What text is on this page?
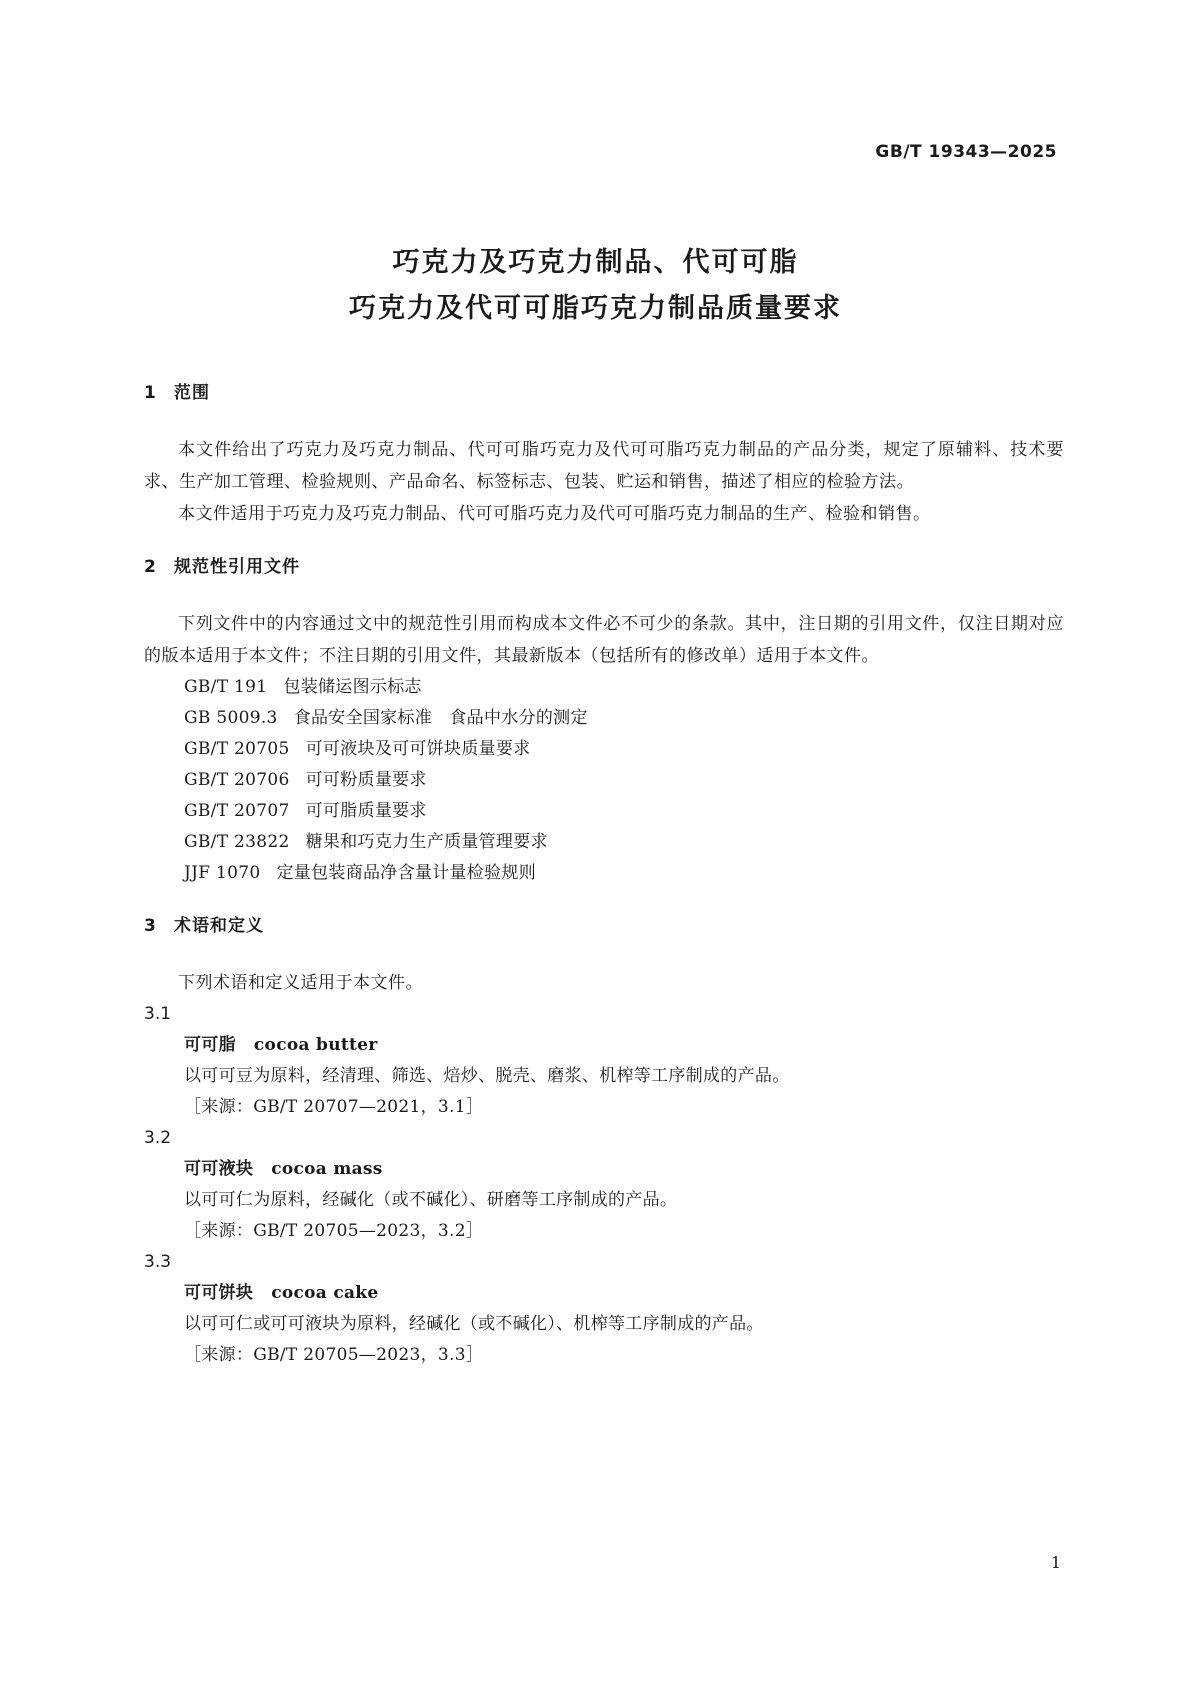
GB/T 19343—2025
巧克力及巧克力制品、代可可脂
巧克力及代可可脂巧克力制品质量要求
1 范围

本文件给出了巧克力及巧克力制品、代可可脂巧克力及代可可脂巧克力制品的产品分类，规定了原辅料、技术要求、生产加工管理、检验规则、产品命名、标签标志、包装、贮运和销售，描述了相应的检验方法。

本文件适用于巧克力及巧克力制品、代可可脂巧克力及代可可脂巧克力制品的生产、检验和销售。

2 规范性引用文件

下列文件中的内容通过文中的规范性引用而构成本文件必不可少的条款。其中，注日期的引用文件，仅注日期对应的版本适用于本文件；不注日期的引用文件，其最新版本（包括所有的修改单）适用于本文件。

GB/T 191 包装储运图示标志
GB 5009.3 食品安全国家标准　食品中水分的测定
GB/T 20705 可可液块及可可饼块质量要求
GB/T 20706 可可粉质量要求
GB/T 20707 可可脂质量要求
GB/T 23822 糖果和巧克力生产质量管理要求
JJF 1070 定量包装商品净含量计量检验规则
3 术语和定义

下列术语和定义适用于本文件。

3.1
可可脂 cocoa butter
以可可豆为原料，经清理、筛选、焙炒、脱壳、磨浆、机榨等工序制成的产品。
［来源：GB/T 20707—2021，3.1］
3.2
可可液块 cocoa mass
以可可仁为原料，经碱化（或不碱化）、研磨等工序制成的产品。
［来源：GB/T 20705—2023，3.2］
3.3
可可饼块 cocoa cake
以可可仁或可可液块为原料，经碱化（或不碱化）、机榨等工序制成的产品。
［来源：GB/T 20705—2023，3.3］
1
